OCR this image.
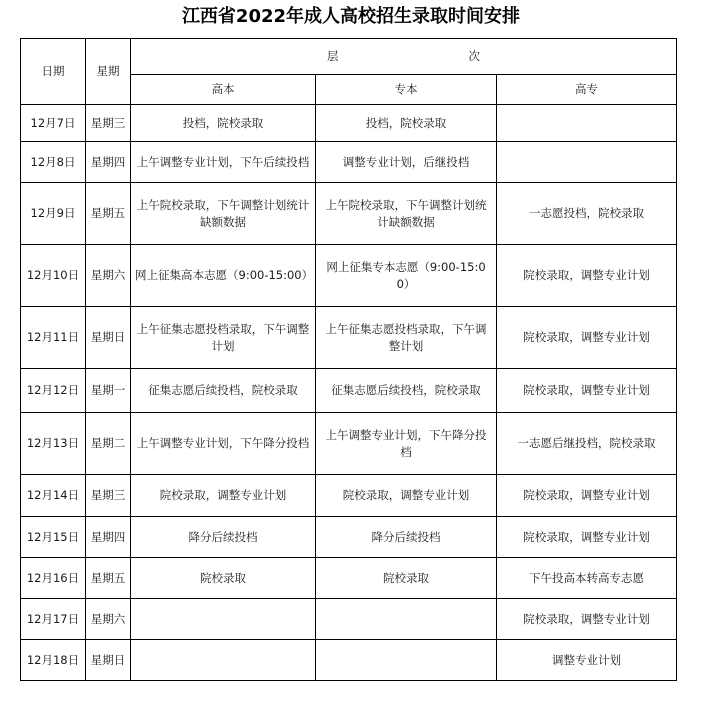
江西省2022年成人高校招生录取时间安排
日期	星期	层 次		
		高本	专本	高专
12月7日	星期三	投档，院校录取	投档，院校录取	
12月8日	星期四	上午调整专业计划，下午后续投档	调整专业计划，后继投档	
12月9日	星期五	上午院校录取，下午调整计划统计缺额数据	上午院校录取，下午调整计划统计缺额数据	一志愿投档，院校录取
12月10日	星期六	网上征集高本志愿（9:00-15:00）	网上征集专本志愿（9:00-15:00）	院校录取，调整专业计划
12月11日	星期日	上午征集志愿投档录取，下午调整计划	上午征集志愿投档录取，下午调整计划	院校录取，调整专业计划
12月12日	星期一	征集志愿后续投档，院校录取	征集志愿后续投档，院校录取	院校录取，调整专业计划
12月13日	星期二	上午调整专业计划，下午降分投档	上午调整专业计划，下午降分投档	一志愿后继投档，院校录取
12月14日	星期三	院校录取，调整专业计划	院校录取，调整专业计划	院校录取，调整专业计划
12月15日	星期四	降分后续投档	降分后续投档	院校录取，调整专业计划
12月16日	星期五	院校录取	院校录取	下午投高本转高专志愿
12月17日	星期六			院校录取，调整专业计划
12月18日	星期日			调整专业计划
